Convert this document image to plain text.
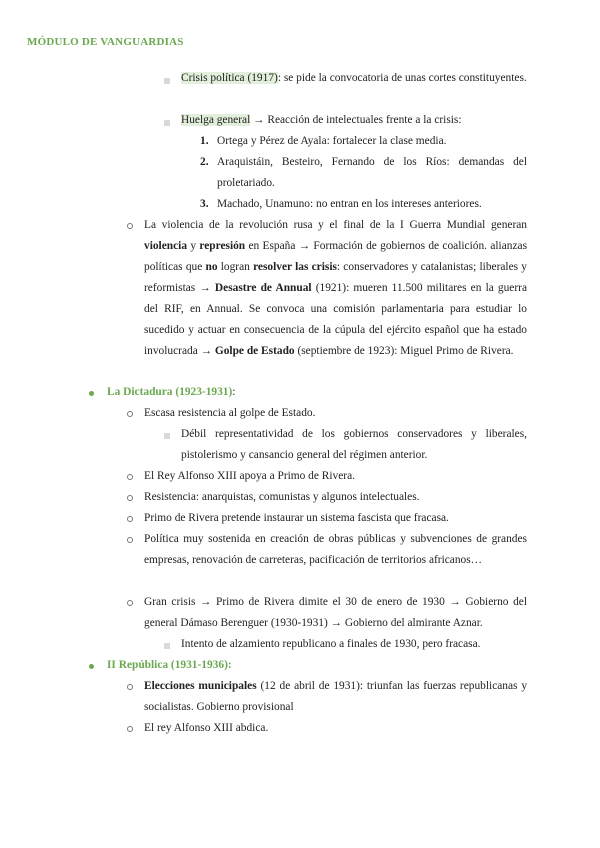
MÓDULO DE VANGUARDIAS
Crisis política (1917): se pide la convocatoria de unas cortes constituyentes.
Huelga general → Reacción de intelectuales frente a la crisis:
1. Ortega y Pérez de Ayala: fortalecer la clase media.
2. Araquistáin, Besteiro, Fernando de los Ríos: demandas del proletariado.
3. Machado, Unamuno: no entran en los intereses anteriores.
La violencia de la revolución rusa y el final de la I Guerra Mundial generan violencia y represión en España → Formación de gobiernos de coalición. alianzas políticas que no logran resolver las crisis: conservadores y catalanistas; liberales y reformistas → Desastre de Annual (1921): mueren 11.500 militares en la guerra del RIF, en Annual. Se convoca una comisión parlamentaria para estudiar lo sucedido y actuar en consecuencia de la cúpula del ejército español que ha estado involucrada → Golpe de Estado (septiembre de 1923): Miguel Primo de Rivera.
La Dictadura (1923-1931):
Escasa resistencia al golpe de Estado.
Débil representatividad de los gobiernos conservadores y liberales, pistolerismo y cansancio general del régimen anterior.
El Rey Alfonso XIII apoya a Primo de Rivera.
Resistencia: anarquistas, comunistas y algunos intelectuales.
Primo de Rivera pretende instaurar un sistema fascista que fracasa.
Política muy sostenida en creación de obras públicas y subvenciones de grandes empresas, renovación de carreteras, pacificación de territorios africanos…
Gran crisis → Primo de Rivera dimite el 30 de enero de 1930 → Gobierno del general Dámaso Berenguer (1930-1931) → Gobierno del almirante Aznar.
Intento de alzamiento republicano a finales de 1930, pero fracasa.
II República (1931-1936):
Elecciones municipales (12 de abril de 1931): triunfan las fuerzas republicanas y socialistas. Gobierno provisional
El rey Alfonso XIII abdica.
